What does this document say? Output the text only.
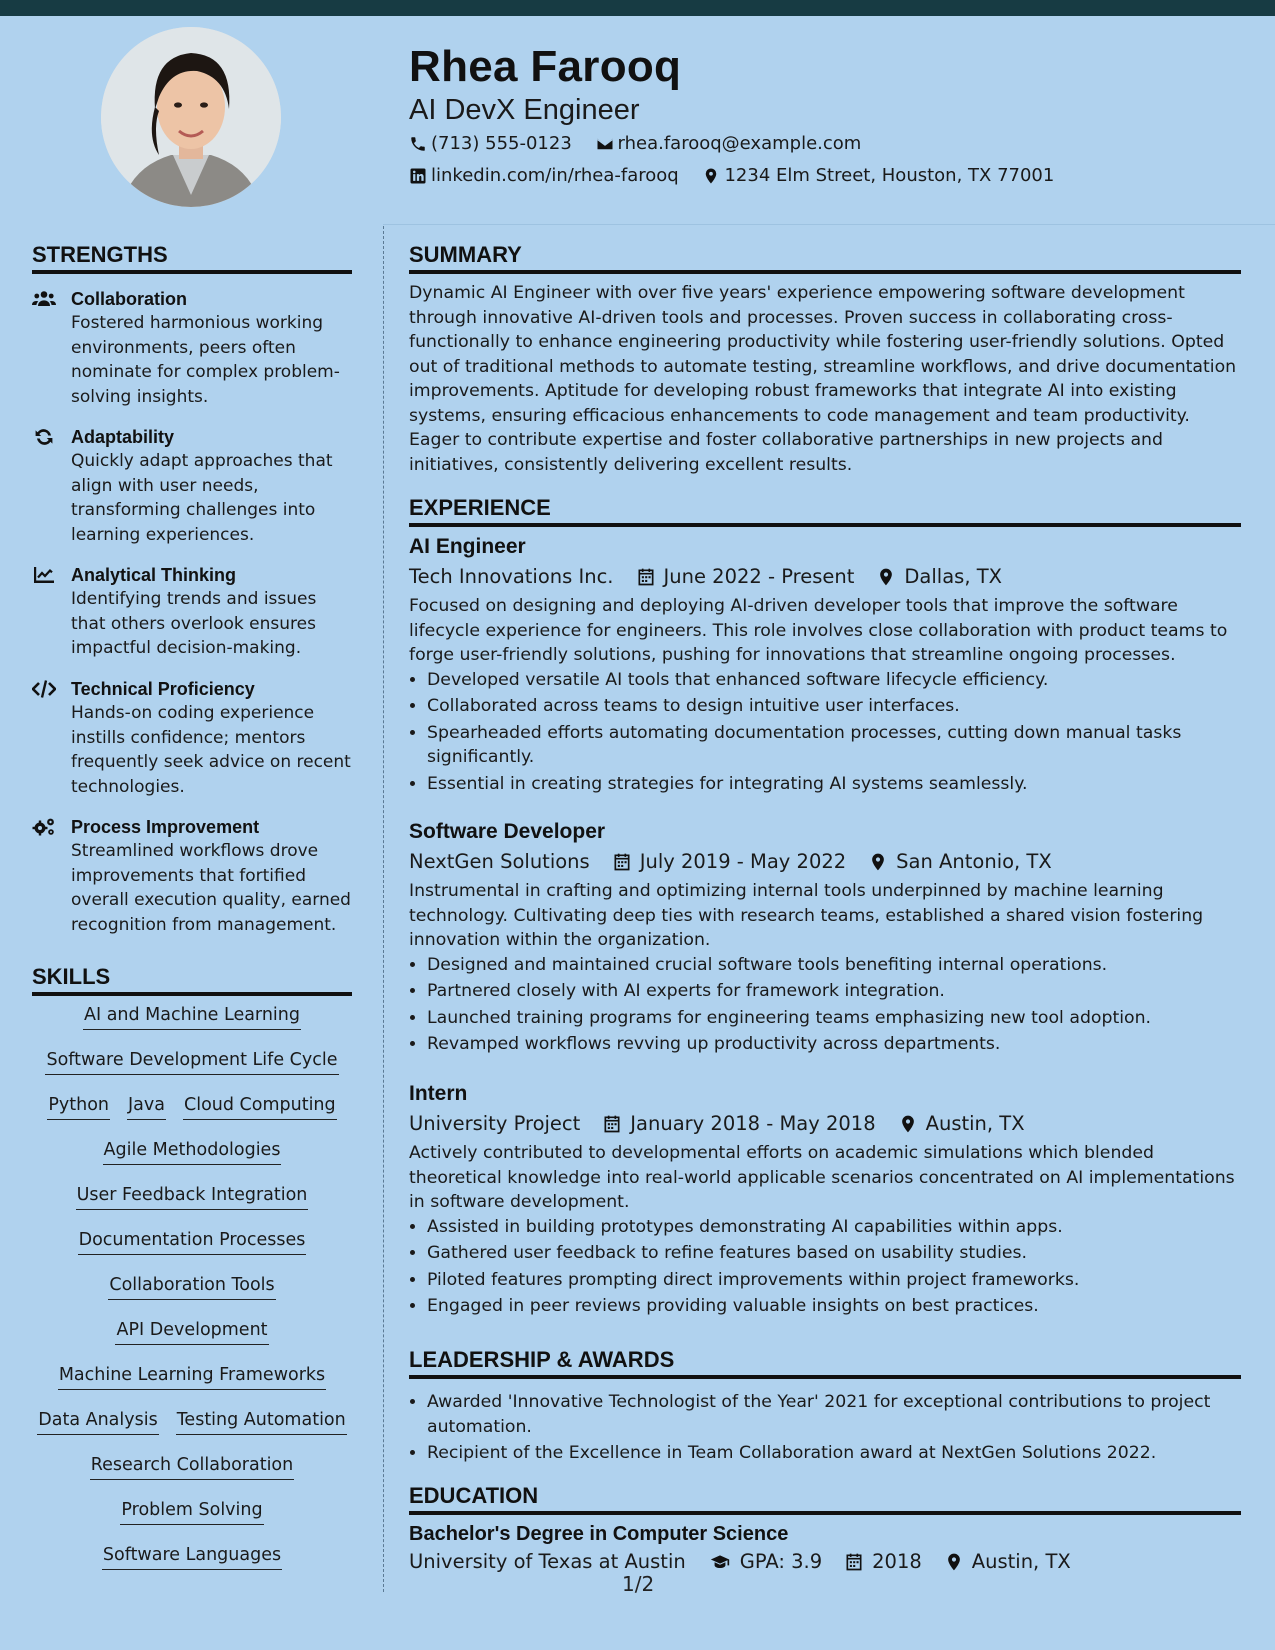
Rhea Farooq
AI DevX Engineer
(713) 555-0123
	rhea.farooq@example.com
linkedin.com/in/rhea-farooq
	1234 Elm Street, Houston, TX 77001
STRENGTHS
Collaboration
Fostered harmonious working environments, peers often nominate for complex problem-solving insights.
Adaptability
Quickly adapt approaches that align with user needs, transforming challenges into learning experiences.
Analytical Thinking
Identifying trends and issues that others overlook ensures impactful decision-making.
Technical Proficiency
Hands-on coding experience instills confidence; mentors frequently seek advice on recent technologies.
Process Improvement
Streamlined workflows drove improvements that fortified overall execution quality, earned recognition from management.
SKILLS
AI and Machine Learning
Software Development Life Cycle
Python Java Cloud Computing
Agile Methodologies
User Feedback Integration
Documentation Processes
Collaboration Tools
API Development
Machine Learning Frameworks
Data Analysis Testing Automation
Research Collaboration
Problem Solving
Software Languages
SUMMARY
Dynamic AI Engineer with over five years' experience empowering software development through innovative AI-driven tools and processes. Proven success in collaborating cross-functionally to enhance engineering productivity while fostering user-friendly solutions. Opted out of traditional methods to automate testing, streamline workflows, and drive documentation improvements. Aptitude for developing robust frameworks that integrate AI into existing systems, ensuring efficacious enhancements to code management and team productivity. Eager to contribute expertise and foster collaborative partnerships in new projects and initiatives, consistently delivering excellent results.
EXPERIENCE
AI Engineer
Tech Innovations Inc.	June 2022 - Present	Dallas, TX
Focused on designing and deploying AI-driven developer tools that improve the software lifecycle experience for engineers. This role involves close collaboration with product teams to forge user-friendly solutions, pushing for innovations that streamline ongoing processes.
• Developed versatile AI tools that enhanced software lifecycle efficiency.
• Collaborated across teams to design intuitive user interfaces.
• Spearheaded efforts automating documentation processes, cutting down manual tasks significantly.
• Essential in creating strategies for integrating AI systems seamlessly.
Software Developer
NextGen Solutions	July 2019 - May 2022	San Antonio, TX
Instrumental in crafting and optimizing internal tools underpinned by machine learning technology. Cultivating deep ties with research teams, established a shared vision fostering innovation within the organization.
• Designed and maintained crucial software tools benefiting internal operations.
• Partnered closely with AI experts for framework integration.
• Launched training programs for engineering teams emphasizing new tool adoption.
• Revamped workflows revving up productivity across departments.
Intern
University Project	January 2018 - May 2018	Austin, TX
Actively contributed to developmental efforts on academic simulations which blended theoretical knowledge into real-world applicable scenarios concentrated on AI implementations in software development.
• Assisted in building prototypes demonstrating AI capabilities within apps.
• Gathered user feedback to refine features based on usability studies.
• Piloted features prompting direct improvements within project frameworks.
• Engaged in peer reviews providing valuable insights on best practices.
LEADERSHIP & AWARDS
• Awarded 'Innovative Technologist of the Year' 2021 for exceptional contributions to project automation.
• Recipient of the Excellence in Team Collaboration award at NextGen Solutions 2022.
EDUCATION
Bachelor's Degree in Computer Science
University of Texas at Austin	GPA: 3.9	2018	Austin, TX
1/2
